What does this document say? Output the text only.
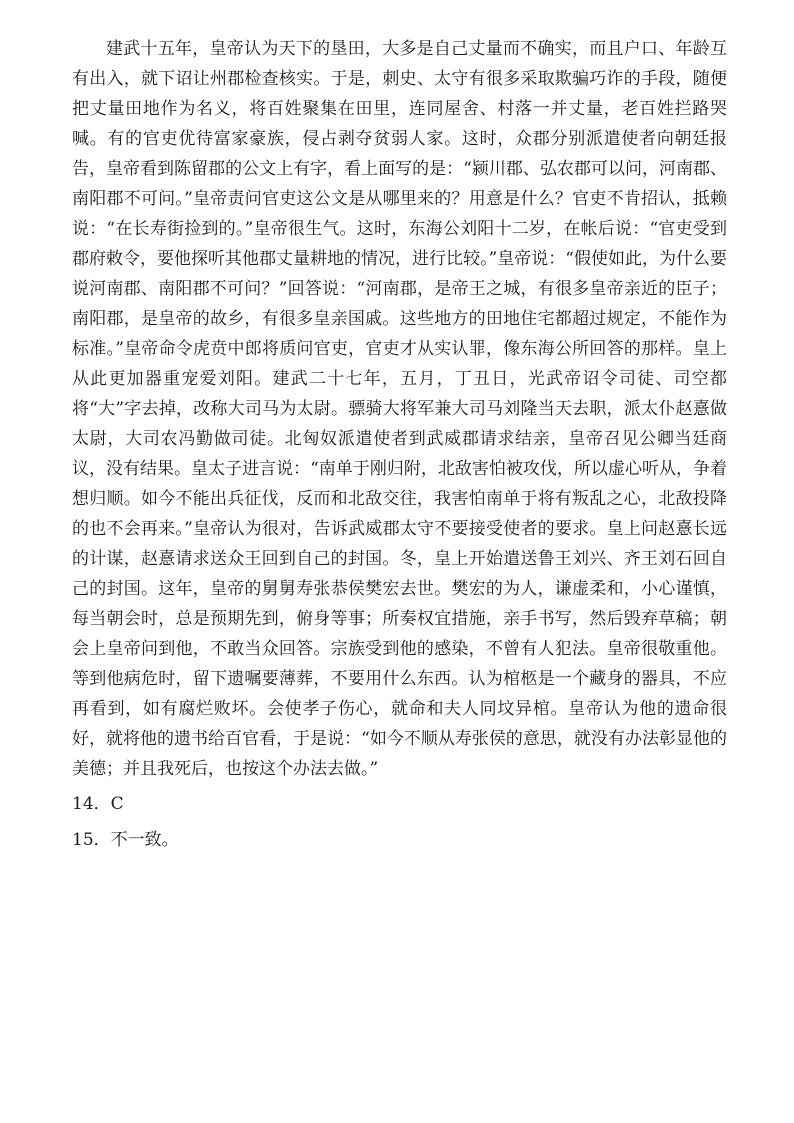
建武十五年，皇帝认为天下的垦田，大多是自己丈量而不确实，而且户口、年龄互有出入，就下诏让州郡检查核实。于是，刺史、太守有很多采取欺骗巧诈的手段，随便把丈量田地作为名义，将百姓聚集在田里，连同屋舍、村落一并丈量，老百姓拦路哭喊。有的官吏优待富家豪族，侵占剥夺贫弱人家。这时，众郡分别派遣使者向朝廷报告，皇帝看到陈留郡的公文上有字，看上面写的是：“颍川郡、弘农郡可以问，河南郡、南阳郡不可问。”皇帝责问官吏这公文是从哪里来的？用意是什么？官吏不肯招认，抵赖说：“在长寿街捡到的。”皇帝很生气。这时，东海公刘阳十二岁，在帐后说：“官吏受到郡府敕令，要他探听其他郡丈量耕地的情况，进行比较。”皇帝说：“假使如此，为什么要说河南郡、南阳郡不可问？”回答说：“河南郡，是帝王之城，有很多皇帝亲近的臣子；南阳郡，是皇帝的故乡，有很多皇亲国戚。这些地方的田地住宅都超过规定，不能作为标准。”皇帝命令虎贲中郎将质问官吏，官吏才从实认罪，像东海公所回答的那样。皇上从此更加器重宠爱刘阳。建武二十七年，五月，丁丑日，光武帝诏令司徒、司空都将“大”字去掉，改称大司马为太尉。骠骑大将军兼大司马刘隆当天去职，派太仆赵憙做太尉，大司农冯勤做司徒。北匈奴派遣使者到武威郡请求结亲，皇帝召见公卿当廷商议，没有结果。皇太子进言说：“南单于刚归附，北敌害怕被攻伐，所以虚心听从，争着想归顺。如今不能出兵征伐，反而和北敌交往，我害怕南单于将有叛乱之心，北敌投降的也不会再来。”皇帝认为很对，告诉武威郡太守不要接受使者的要求。皇上问赵憙长远的计谋，赵憙请求送众王回到自己的封国。冬，皇上开始遣送鲁王刘兴、齐王刘石回自己的封国。这年，皇帝的舅舅寿张恭侯樊宏去世。樊宏的为人，谦虚柔和，小心谨慎，每当朝会时，总是预期先到，俯身等事；所奏权宜措施，亲手书写，然后毁弃草稿；朝会上皇帝问到他，不敢当众回答。宗族受到他的感染，不曾有人犯法。皇帝很敬重他。等到他病危时，留下遗嘱要薄葬，不要用什么东西。认为棺柩是一个藏身的器具，不应再看到，如有腐烂败坏。会使孝子伤心，就命和夫人同坟异棺。皇帝认为他的遗命很好，就将他的遗书给百官看，于是说：“如今不顺从寿张侯的意思，就没有办法彰显他的美德；并且我死后，也按这个办法去做。”

14．C

15．不一致。
